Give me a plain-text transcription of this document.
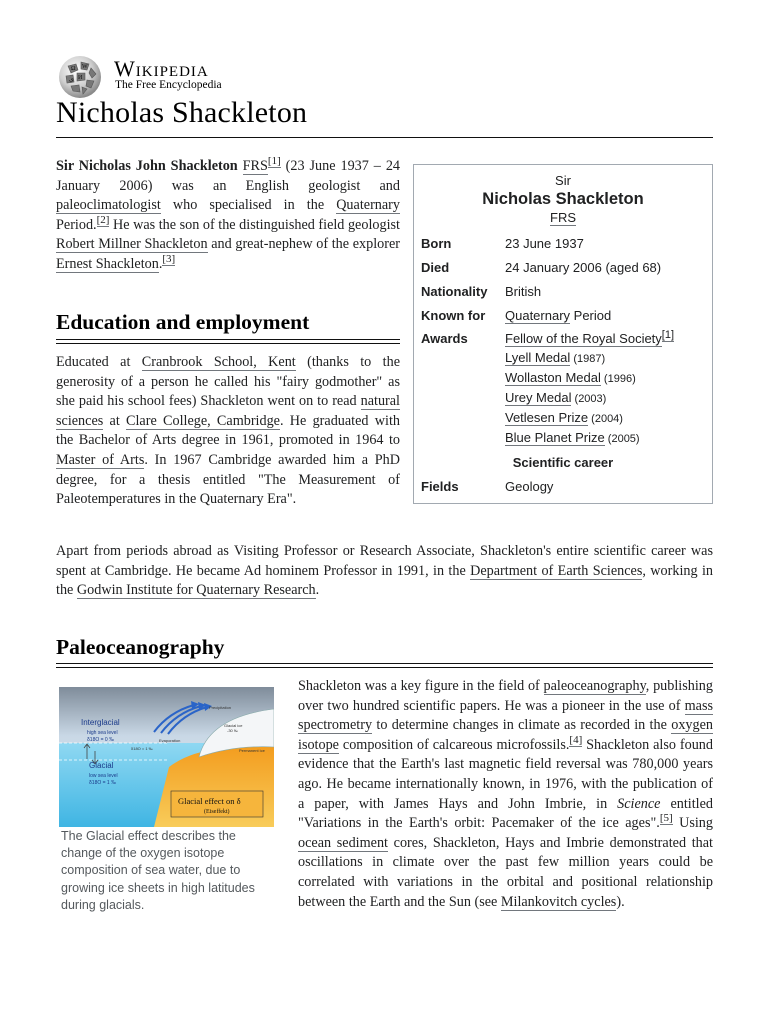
Ω W
И
ي Wikipedia
The Free Encyclopedia
Nicholas Shackleton

Sir Nicholas John Shackleton FRS[1] (23 June 1937 – 24 January 2006) was an English geologist and paleoclimatologist who specialised in the Quaternary Period.[2] He was the son of the distinguished field geologist Robert Millner Shackleton and great-nephew of the explorer Ernest Shackleton.[3]

Education and employment

Educated at Cranbrook School, Kent (thanks to the generosity of a person he called his "fairy godmother" as she paid his school fees) Shackleton went on to read natural sciences at Clare College, Cambridge. He graduated with the Bachelor of Arts degree in 1961, promoted in 1964 to Master of Arts. In 1967 Cambridge awarded him a PhD degree, for a thesis entitled "The Measurement of Paleotemperatures in the Quaternary Era".

Apart from periods abroad as Visiting Professor or Research Associate, Shackleton's entire scientific career was spent at Cambridge. He became Ad hominem Professor in 1991, in the Department of Earth Sciences, working in the Godwin Institute for Quaternary Research.

Paleoceanography
Interglacial
high sea level
δ18O = 0 ‰
Glacial
low sea level
δ18O = 1 ‰
Precipitation
Evaporation
Glacial ice
-30 ‰
Permanent ice
δ18O = 1 ‰
Glacial effect on δ
(Eiseffekt)

The Glacial effect describes the change of the oxygen isotope composition of sea water, due to growing ice sheets in high latitudes during glacials.

Shackleton was a key figure in the field of paleoceanography, publishing over two hundred scientific papers. He was a pioneer in the use of mass spectrometry to determine changes in climate as recorded in the oxygen isotope composition of calcareous microfossils.[4] Shackleton also found evidence that the Earth's last magnetic field reversal was 780,000 years ago. He became internationally known, in 1976, with the publication of a paper, with James Hays and John Imbrie, in Science entitled "Variations in the Earth's orbit: Pacemaker of the ice ages".[5] Using ocean sediment cores, Shackleton, Hays and Imbrie demonstrated that oscillations in climate over the past few million years could be correlated with variations in the orbital and positional relationship between the Earth and the Sun (see Milankovitch cycles).

Sir
Nicholas Shackleton
FRS
Born	23 June 1937
Died	24 January 2006 (aged 68)
Nationality British
Known for Quaternary Period
Awards	Fellow of the Royal Society[1]
Lyell Medal (1987)
Wollaston Medal (1996)
Urey Medal (2003)
Vetlesen Prize (2004)
Blue Planet Prize (2005)
Scientific career
Fields	Geology
